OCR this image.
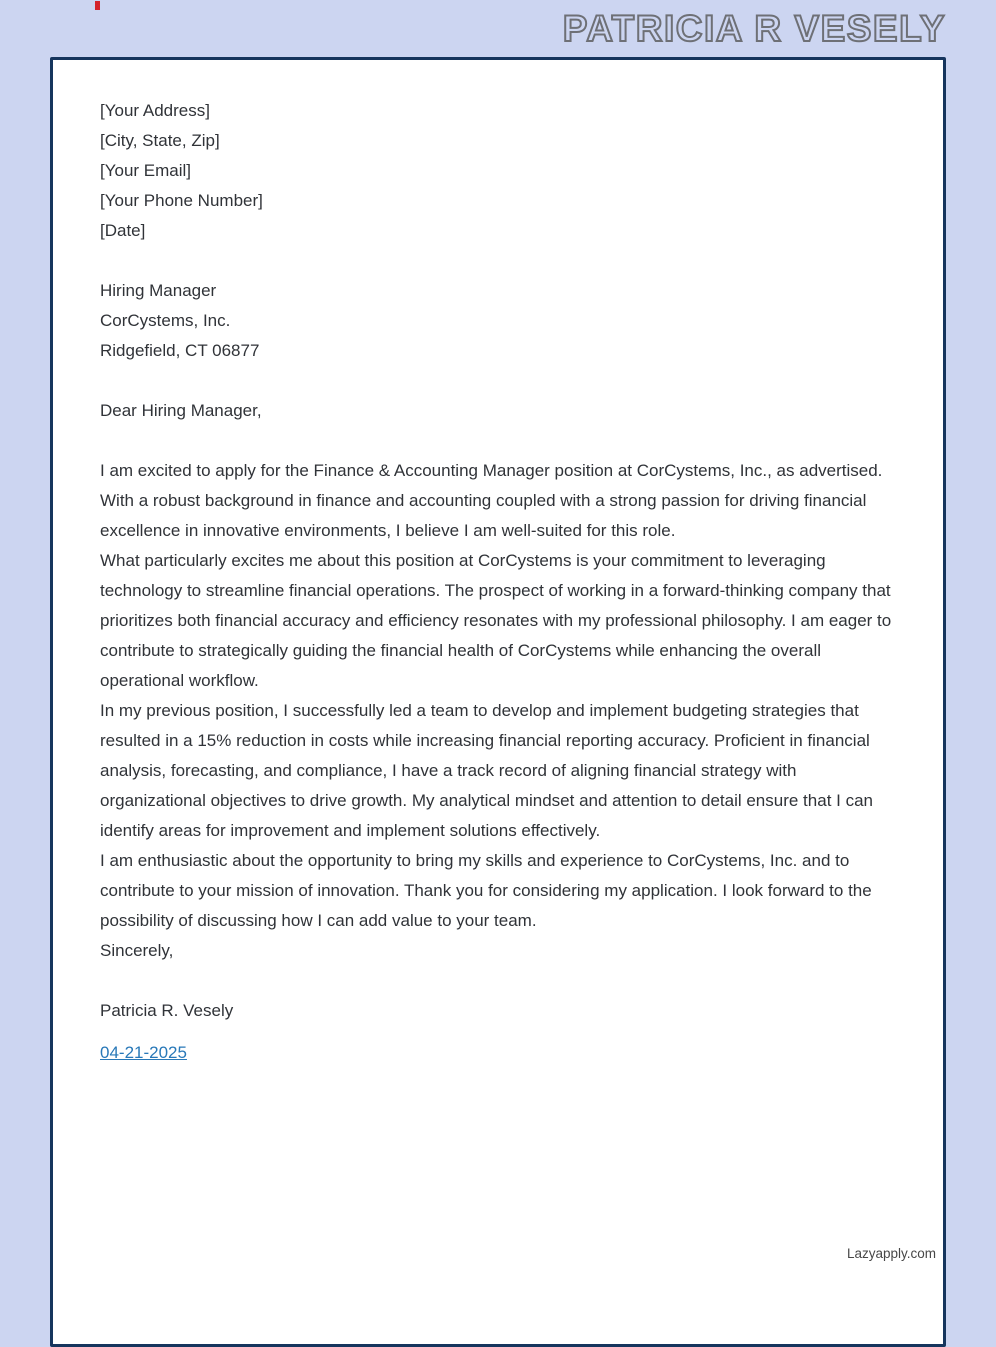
PATRICIA R VESELY
[Your Address]
[City, State, Zip]
[Your Email]
[Your Phone Number]
[Date]
Hiring Manager
CorCystems, Inc.
Ridgefield, CT 06877
Dear Hiring Manager,

I am excited to apply for the Finance & Accounting Manager position at CorCystems, Inc., as advertised. With a robust background in finance and accounting coupled with a strong passion for driving financial excellence in innovative environments, I believe I am well-suited for this role.

What particularly excites me about this position at CorCystems is your commitment to leveraging technology to streamline financial operations. The prospect of working in a forward-thinking company that prioritizes both financial accuracy and efficiency resonates with my professional philosophy. I am eager to contribute to strategically guiding the financial health of CorCystems while enhancing the overall operational workflow.

In my previous position, I successfully led a team to develop and implement budgeting strategies that resulted in a 15% reduction in costs while increasing financial reporting accuracy. Proficient in financial analysis, forecasting, and compliance, I have a track record of aligning financial strategy with organizational objectives to drive growth. My analytical mindset and attention to detail ensure that I can identify areas for improvement and implement solutions effectively.

I am enthusiastic about the opportunity to bring my skills and experience to CorCystems, Inc. and to contribute to your mission of innovation. Thank you for considering my application. I look forward to the possibility of discussing how I can add value to your team.

Sincerely,
Patricia R. Vesely
04-21-2025
Lazyapply.com
